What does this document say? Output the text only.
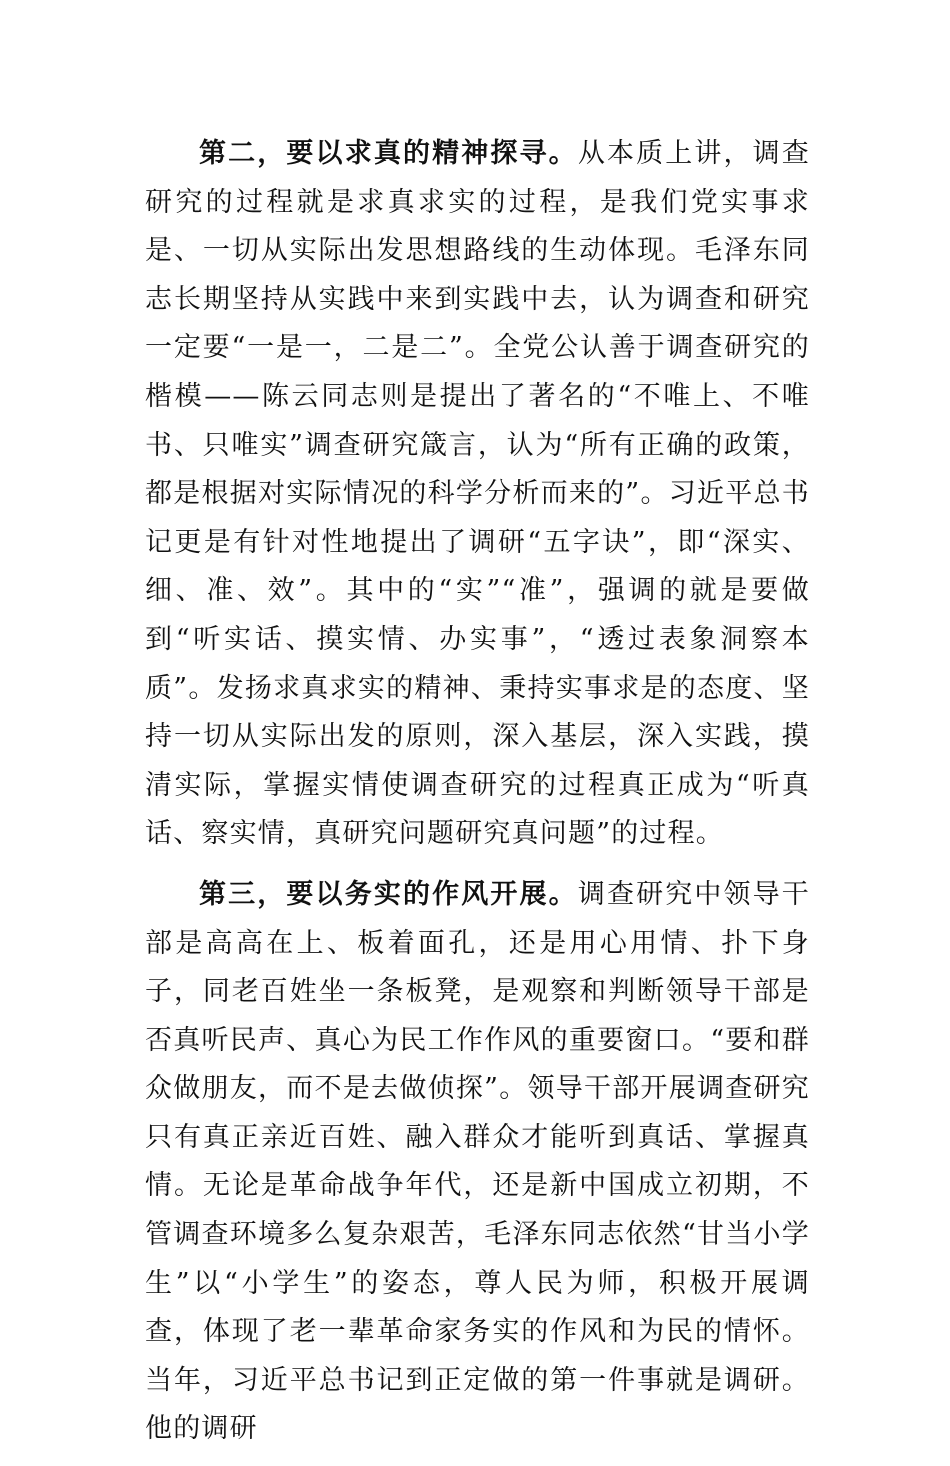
第二，要以求真的精神探寻。从本质上讲，调查研究的过程就是求真求实的过程，是我们党实事求是、一切从实际出发思想路线的生动体现。毛泽东同志长期坚持从实践中来到实践中去，认为调查和研究一定要“一是一，二是二”。全党公认善于调查研究的楷模——陈云同志则是提出了著名的“不唯上、不唯书、只唯实”调查研究箴言，认为“所有正确的政策，都是根据对实际情况的科学分析而来的”。习近平总书记更是有针对性地提出了调研“五字诀”，即“深实、细、准、效”。其中的“实”“准”，强调的就是要做到“听实话、摸实情、办实事”，“透过表象洞察本质”。发扬求真求实的精神、秉持实事求是的态度、坚持一切从实际出发的原则，深入基层，深入实践，摸清实际，掌握实情使调查研究的过程真正成为“听真话、察实情，真研究问题研究真问题”的过程。

第三，要以务实的作风开展。调查研究中领导干部是高高在上、板着面孔，还是用心用情、扑下身子，同老百姓坐一条板凳，是观察和判断领导干部是否真听民声、真心为民工作作风的重要窗口。“要和群众做朋友，而不是去做侦探”。领导干部开展调查研究只有真正亲近百姓、融入群众才能听到真话、掌握真情。无论是革命战争年代，还是新中国成立初期，不管调查环境多么复杂艰苦，毛泽东同志依然“甘当小学生”以“小学生”的姿态，尊人民为师，积极开展调查，体现了老一辈革命家务实的作风和为民的情怀。当年，习近平总书记到正定做的第一件事就是调研。他的调研
